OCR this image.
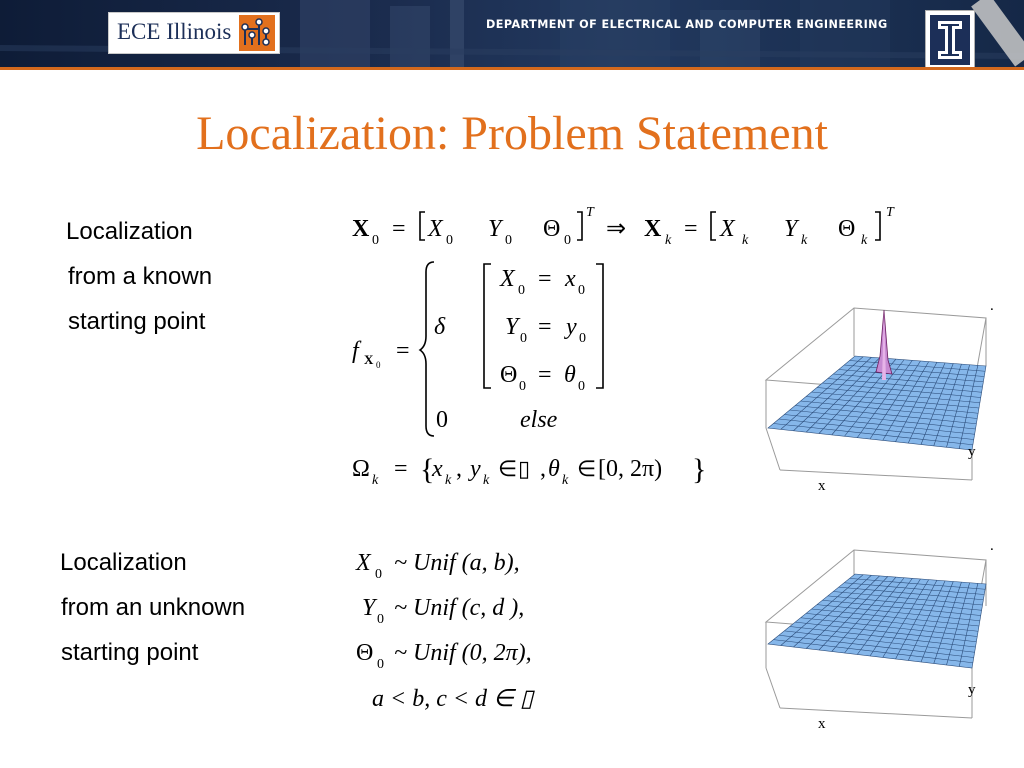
ECE Illinois	DEPARTMENT OF ELECTRICAL AND COMPUTER ENGINEERING
Localization: Problem Statement
Localization
from a known
starting point
Localization
from an unknown
starting point
X 0 = X 0 Y 0 Θ 0
T
⇒ X k = X k Y k Θ k
T
f X 0
=
δ
X 0 = x 0
Y 0 = y 0
Θ 0 = θ 0
0	else
Ω k = {
x k , y k ∈ ▯ , θ k ∈ [0, 2π) }
X 0 ~ Unif (a, b),
Y 0 ~ Unif (c, d ),
Θ 0 ~ Unif (0, 2π),
a < b, c < d ∈ ▯
.
y
x
.
y
x
